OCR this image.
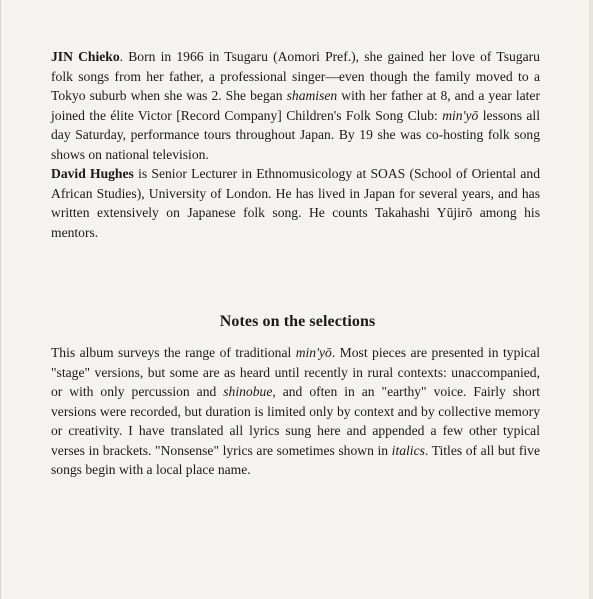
JIN Chieko. Born in 1966 in Tsugaru (Aomori Pref.), she gained her love of Tsugaru folk songs from her father, a professional singer—even though the family moved to a Tokyo suburb when she was 2. She began shamisen with her father at 8, and a year later joined the élite Victor [Record Company] Children's Folk Song Club: min'yō lessons all day Saturday, performance tours throughout Japan. By 19 she was co-hosting folk song shows on national television.

David Hughes is Senior Lecturer in Ethnomusicology at SOAS (School of Oriental and African Studies), University of London. He has lived in Japan for several years, and has written extensively on Japanese folk song. He counts Takahashi Yūjirō among his mentors.

Notes on the selections

This album surveys the range of traditional min'yō. Most pieces are presented in typical "stage" versions, but some are as heard until recently in rural contexts: unaccompanied, or with only percussion and shinobue, and often in an "earthy" voice. Fairly short versions were recorded, but duration is limited only by context and by collective memory or creativity. I have translated all lyrics sung here and appended a few other typical verses in brackets. "Nonsense" lyrics are sometimes shown in italics. Titles of all but five songs begin with a local place name.
